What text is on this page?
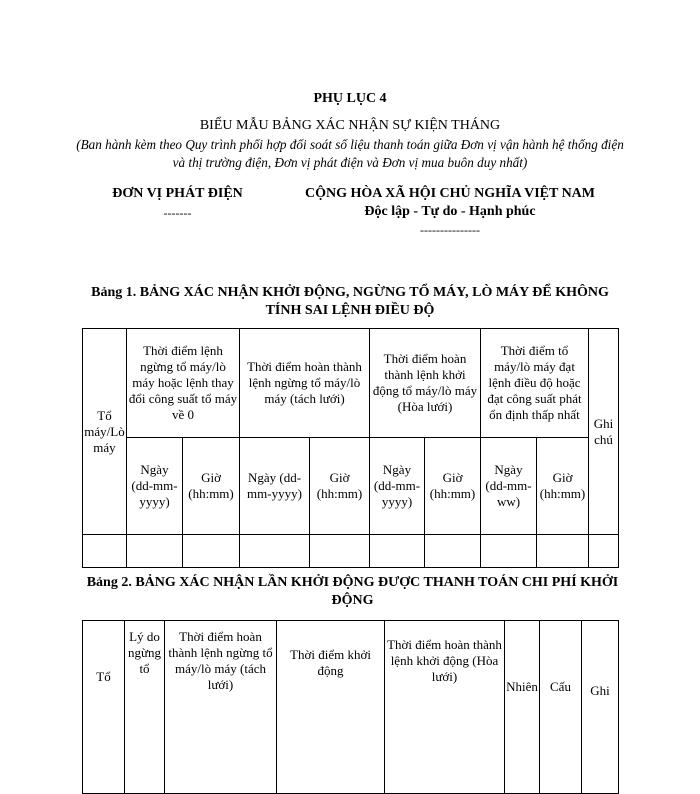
PHỤ LỤC 4
BIỂU MẪU BẢNG XÁC NHẬN SỰ KIỆN THÁNG
(Ban hành kèm theo Quy trình phối hợp đối soát số liệu thanh toán giữa Đơn vị vận hành hệ thống điện và thị trường điện, Đơn vị phát điện và Đơn vị mua buôn duy nhất)
ĐƠN VỊ PHÁT ĐIỆN
-------
CỘNG HÒA XÃ HỘI CHỦ NGHĨA VIỆT NAM
Độc lập - Tự do - Hạnh phúc
---------------
Bảng 1. BẢNG XÁC NHẬN KHỞI ĐỘNG, NGỪNG TỔ MÁY, LÒ MÁY ĐỂ KHÔNG TÍNH SAI LỆNH ĐIỀU ĐỘ
Tổ máy/Lò máy	Thời điểm lệnh ngừng tổ máy/lò máy hoặc lệnh thay đổi công suất tổ máy về 0		Thời điểm hoàn thành lệnh ngừng tổ máy/lò máy (tách lưới)		Thời điểm hoàn thành lệnh khởi động tổ máy/lò máy (Hòa lưới)		Thời điểm tổ máy/lò máy đạt lệnh điều độ hoặc đạt công suất phát ổn định thấp nhất		Ghi chú
	Ngày (dd-mm-yyyy)	Giờ (hh:mm)	Ngày (dd-mm-yyyy)	Giờ (hh:mm)	Ngày (dd-mm-yyyy)	Giờ (hh:mm)	Ngày (dd-mm-ww)	Giờ (hh:mm)	

Bảng 2. BẢNG XÁC NHẬN LẦN KHỞI ĐỘNG ĐƯỢC THANH TOÁN CHI PHÍ KHỞI ĐỘNG
Tổ	Lý do ngừng tổ	Thời điểm hoàn thành lệnh ngừng tổ máy/lò máy (tách lưới)	Thời điểm khởi động	Thời điểm hoàn thành lệnh khởi động (Hòa lưới)	Nhiên	Cấu	Ghi
